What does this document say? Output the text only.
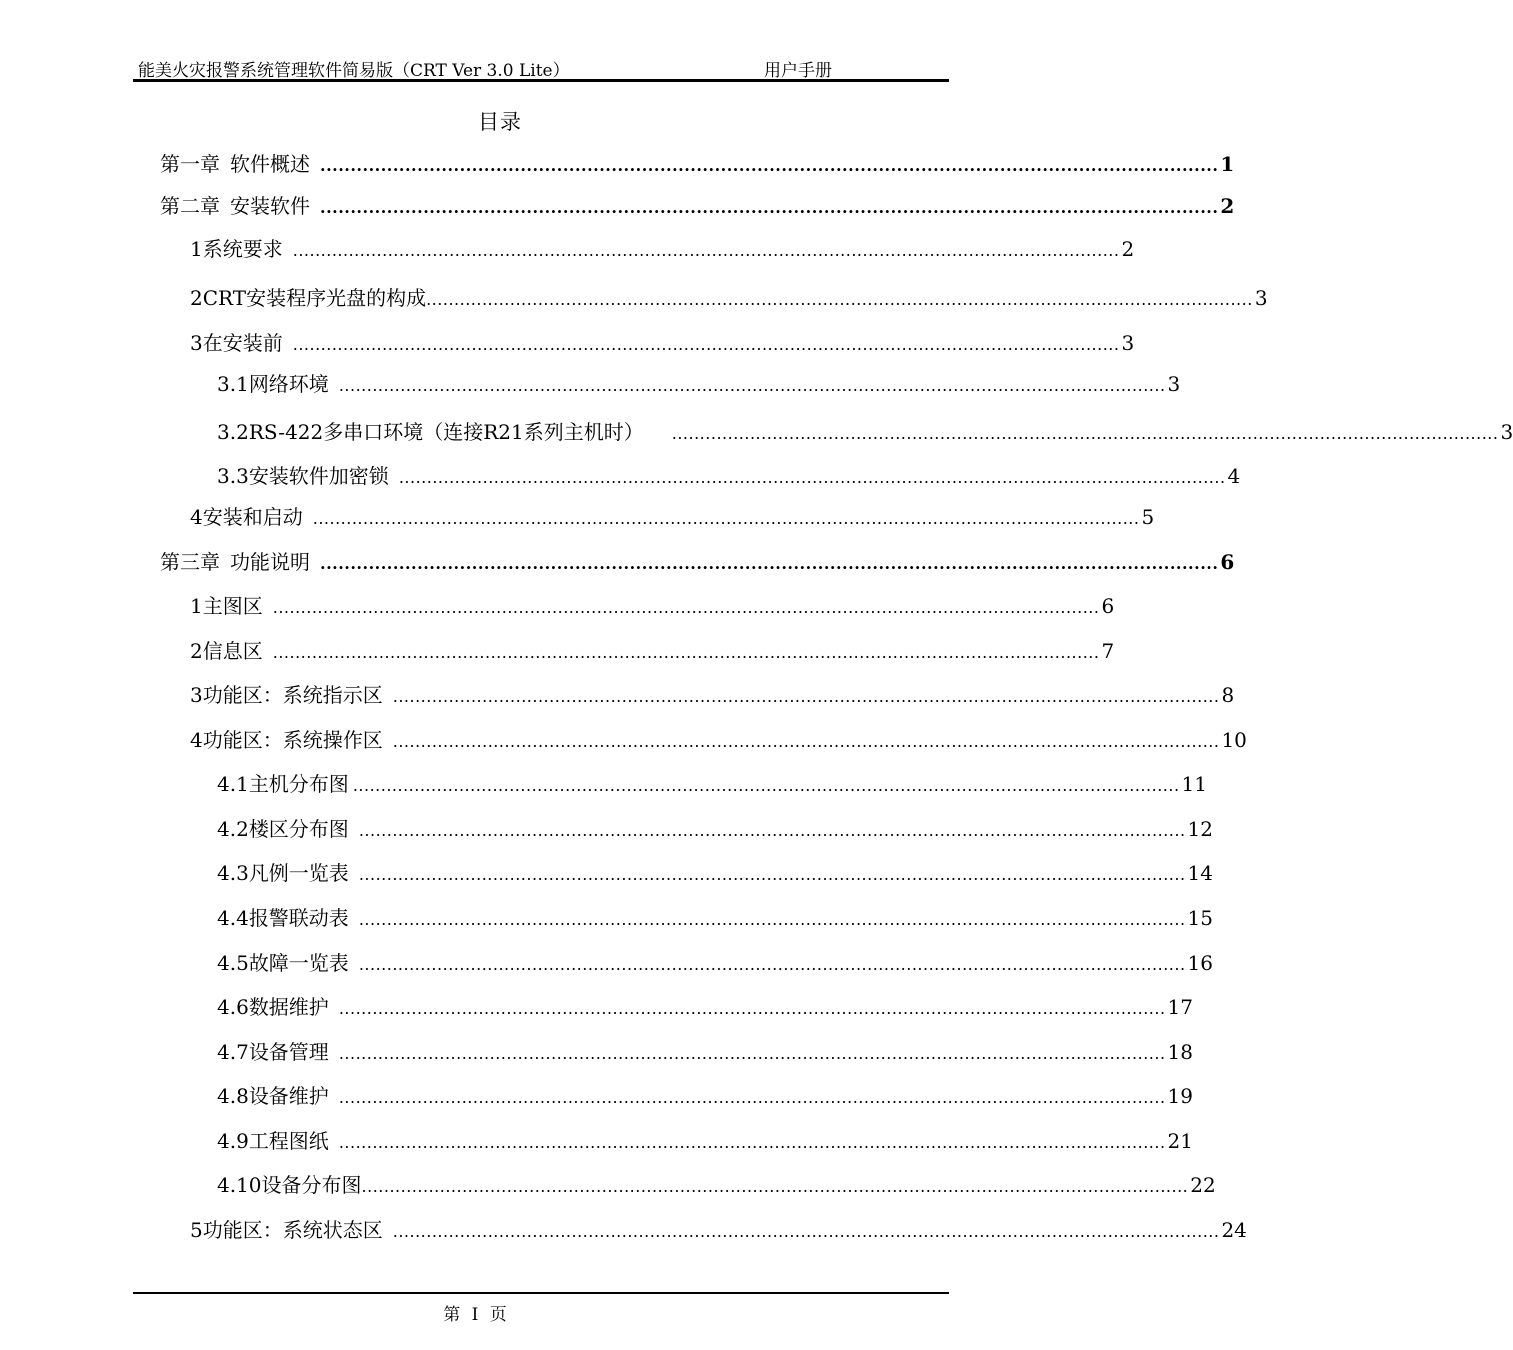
能美火灾报警系统管理软件简易版（CRT Ver 3.0 Lite）	用户手册
目录
第一章 软件概述 .................................................................................................................................................... 1
第二章 安装软件 .................................................................................................................................................... 2
1 系统要求 .................................................................................................................................................... 2
2 CRT安装程序光盘的构成 .................................................................................................................................................... 3
3 在安装前 .................................................................................................................................................... 3
3.1 网络环境 .................................................................................................................................................... 3
3.2 RS-422多串口环境（连接R21系列主机时） .................................................................................................................................................... 3
3.3 安装软件加密锁 .................................................................................................................................................... 4
4 安装和启动 .................................................................................................................................................... 5
第三章 功能说明 .................................................................................................................................................... 6
1 主图区 .................................................................................................................................................... 6
2 信息区 .................................................................................................................................................... 7
3 功能区：系统指示区 .................................................................................................................................................... 8
4 功能区：系统操作区 .................................................................................................................................................... 10
4.1 主机分布图 .................................................................................................................................................... 11
4.2 楼区分布图 .................................................................................................................................................... 12
4.3 凡例一览表 .................................................................................................................................................... 14
4.4 报警联动表 .................................................................................................................................................... 15
4.5 故障一览表 .................................................................................................................................................... 16
4.6 数据维护 .................................................................................................................................................... 17
4.7 设备管理 .................................................................................................................................................... 18
4.8 设备维护 .................................................................................................................................................... 19
4.9 工程图纸 .................................................................................................................................................... 21
4.10 设备分布图 .................................................................................................................................................... 22
5 功能区：系统状态区 .................................................................................................................................................... 24
第 I 页
